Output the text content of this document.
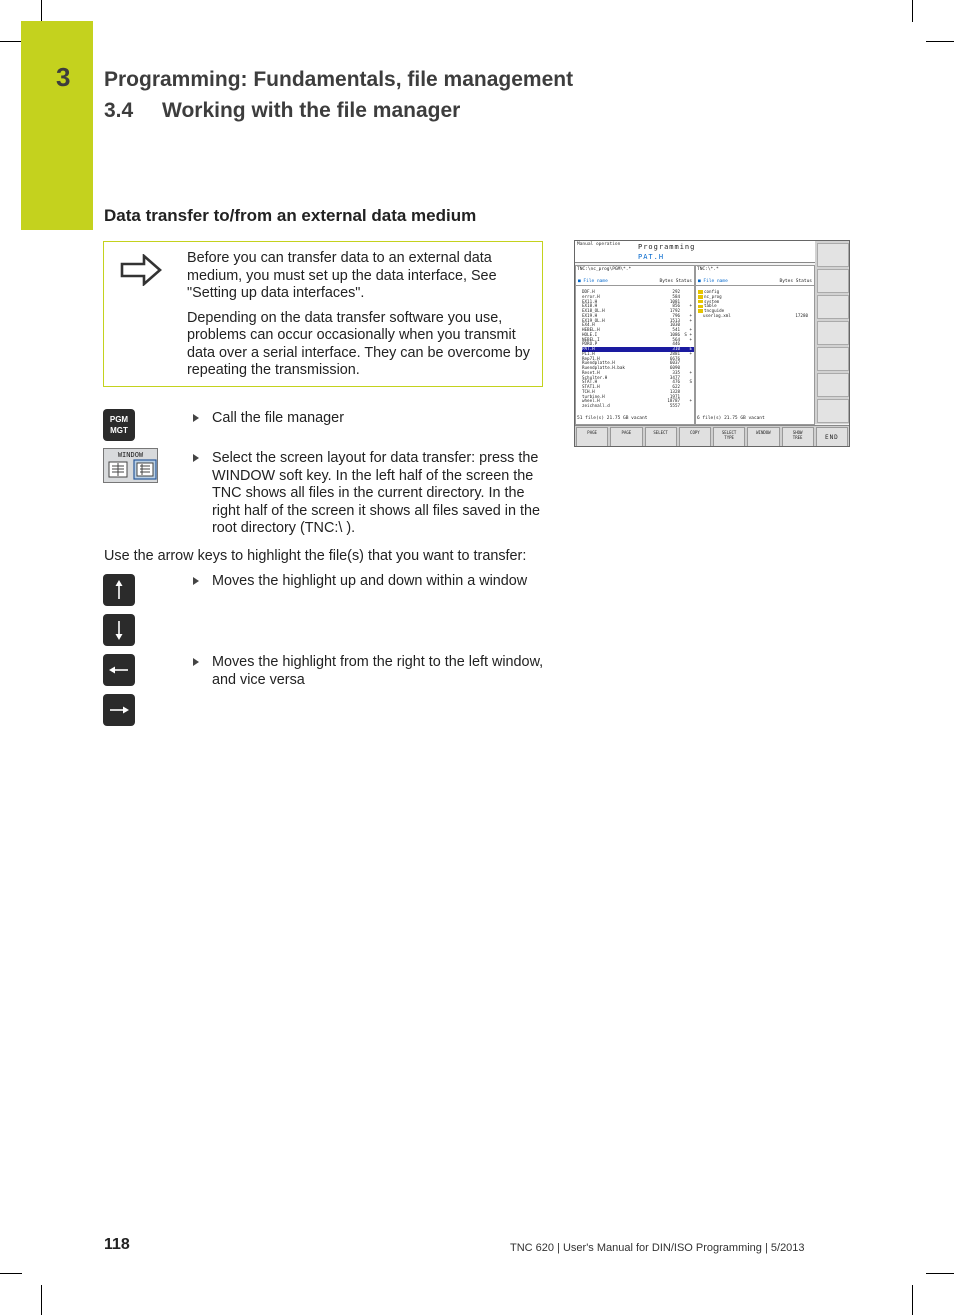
3 Programming: Fundamentals, file management
3.4 Working with the file manager
Data transfer to/from an external data medium

Before you can transfer data to an external data medium, you must set up the data interface, See "Setting up data interfaces".

Depending on the data transfer software you use, problems can occur occasionally when you transmit data over a serial interface. They can be overcome by repeating the transmission.

PGM
MGT
Call the file manager
WINDOW	Select the screen layout for data transfer: press the WINDOW soft key. In the left half of the screen the TNC shows all files in the current directory. In the right half of the screen it shows all files saved in the root directory (TNC:\ ).
Use the arrow keys to highlight the file(s) that you want to transfer:
Moves the highlight up and down within a window
Moves the highlight from the right to the left window, and vice versa
Manual operation	Programming
PAT.H
TNC:\nc_prog\PGM\*.*
■ File name	Bytes Status
DDF.H	292
error.H	584
EX11.H	1081
EX18.H	856 +
EX18_OL.H	1792
EX19.H	796 +
EX19_OL.H	1513 +
EX4.H	1030
HEBEL.H	541 +
HOLE.I	1086 S +
NEBEL.I	564 +
PDRO.P	446
PAT.H	310 E
PL1.H	2881 +
Rep71.H	6676
Ruendplatte.H	6037
Ruendplatte.H.bak	6090
Reset.H	335 +
Schulter.H	3477
STAT.H	476 S
STAT1.H	622
TCH.H	1328
turbine.H	1971
wheel.H	18787 +
zeichnall.d	5557
51 file(s) 21.75 GB vacant
TNC:\*.*
■ File name	Bytes Status
config
nc_prog
system
table
tncguide
userlog.xml	17280
6 file(s) 21.75 GB vacant
PAGE	PAGE	SELECT	COPY	SELECT
TYPE
WINDOW	SHOW
TREE	END
118	TNC 620 | User's Manual for DIN/ISO Programming | 5/2013
